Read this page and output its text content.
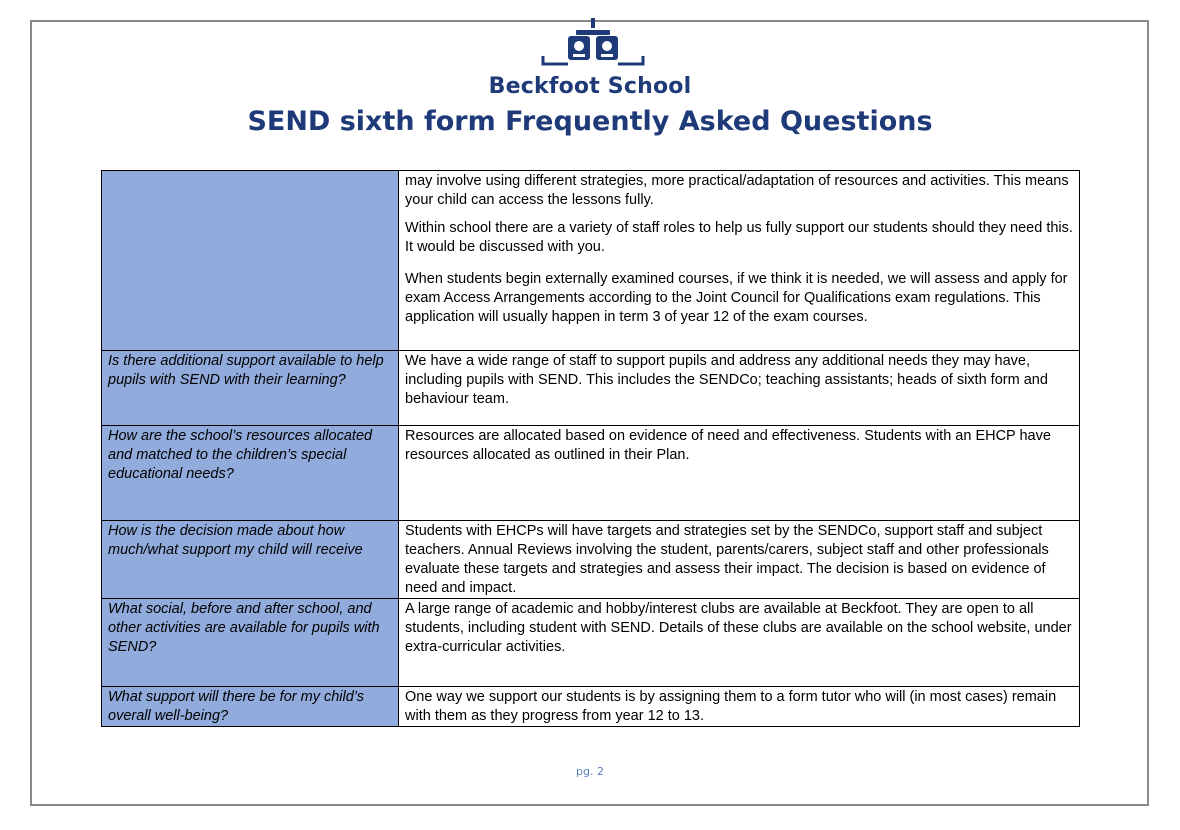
Beckfoot School
SEND sixth form Frequently Asked Questions

	may involve using different strategies, more practical/adaptation of resources and activities. This means your child can access the lessons fully.

Within school there are a variety of staff roles to help us fully support our students should they need this. It would be discussed with you.

When students begin externally examined courses, if we think it is needed, we will assess and apply for exam Access Arrangements according to the Joint Council for Qualifications exam regulations. This application will usually happen in term 3 of year 12 of the exam courses.

Is there additional support available to help pupils with SEND with their learning?	We have a wide range of staff to support pupils and address any additional needs they may have, including pupils with SEND. This includes the SENDCo; teaching assistants; heads of sixth form and behaviour team.

How are the school’s resources allocated and matched to the children’s special educational needs?	Resources are allocated based on evidence of need and effectiveness. Students with an EHCP have resources allocated as outlined in their Plan.

How is the decision made about how much/what support my child will receive	Students with EHCPs will have targets and strategies set by the SENDCo, support staff and subject teachers. Annual Reviews involving the student, parents/carers, subject staff and other professionals evaluate these targets and strategies and assess their impact. The decision is based on evidence of need and impact.

What social, before and after school, and other activities are available for pupils with SEND?	A large range of academic and hobby/interest clubs are available at Beckfoot. They are open to all students, including student with SEND. Details of these clubs are available on the school website, under extra-curricular activities.

What support will there be for my child’s overall well-being?	One way we support our students is by assigning them to a form tutor who will (in most cases) remain with them as they progress from year 12 to 13.

pg. 2
